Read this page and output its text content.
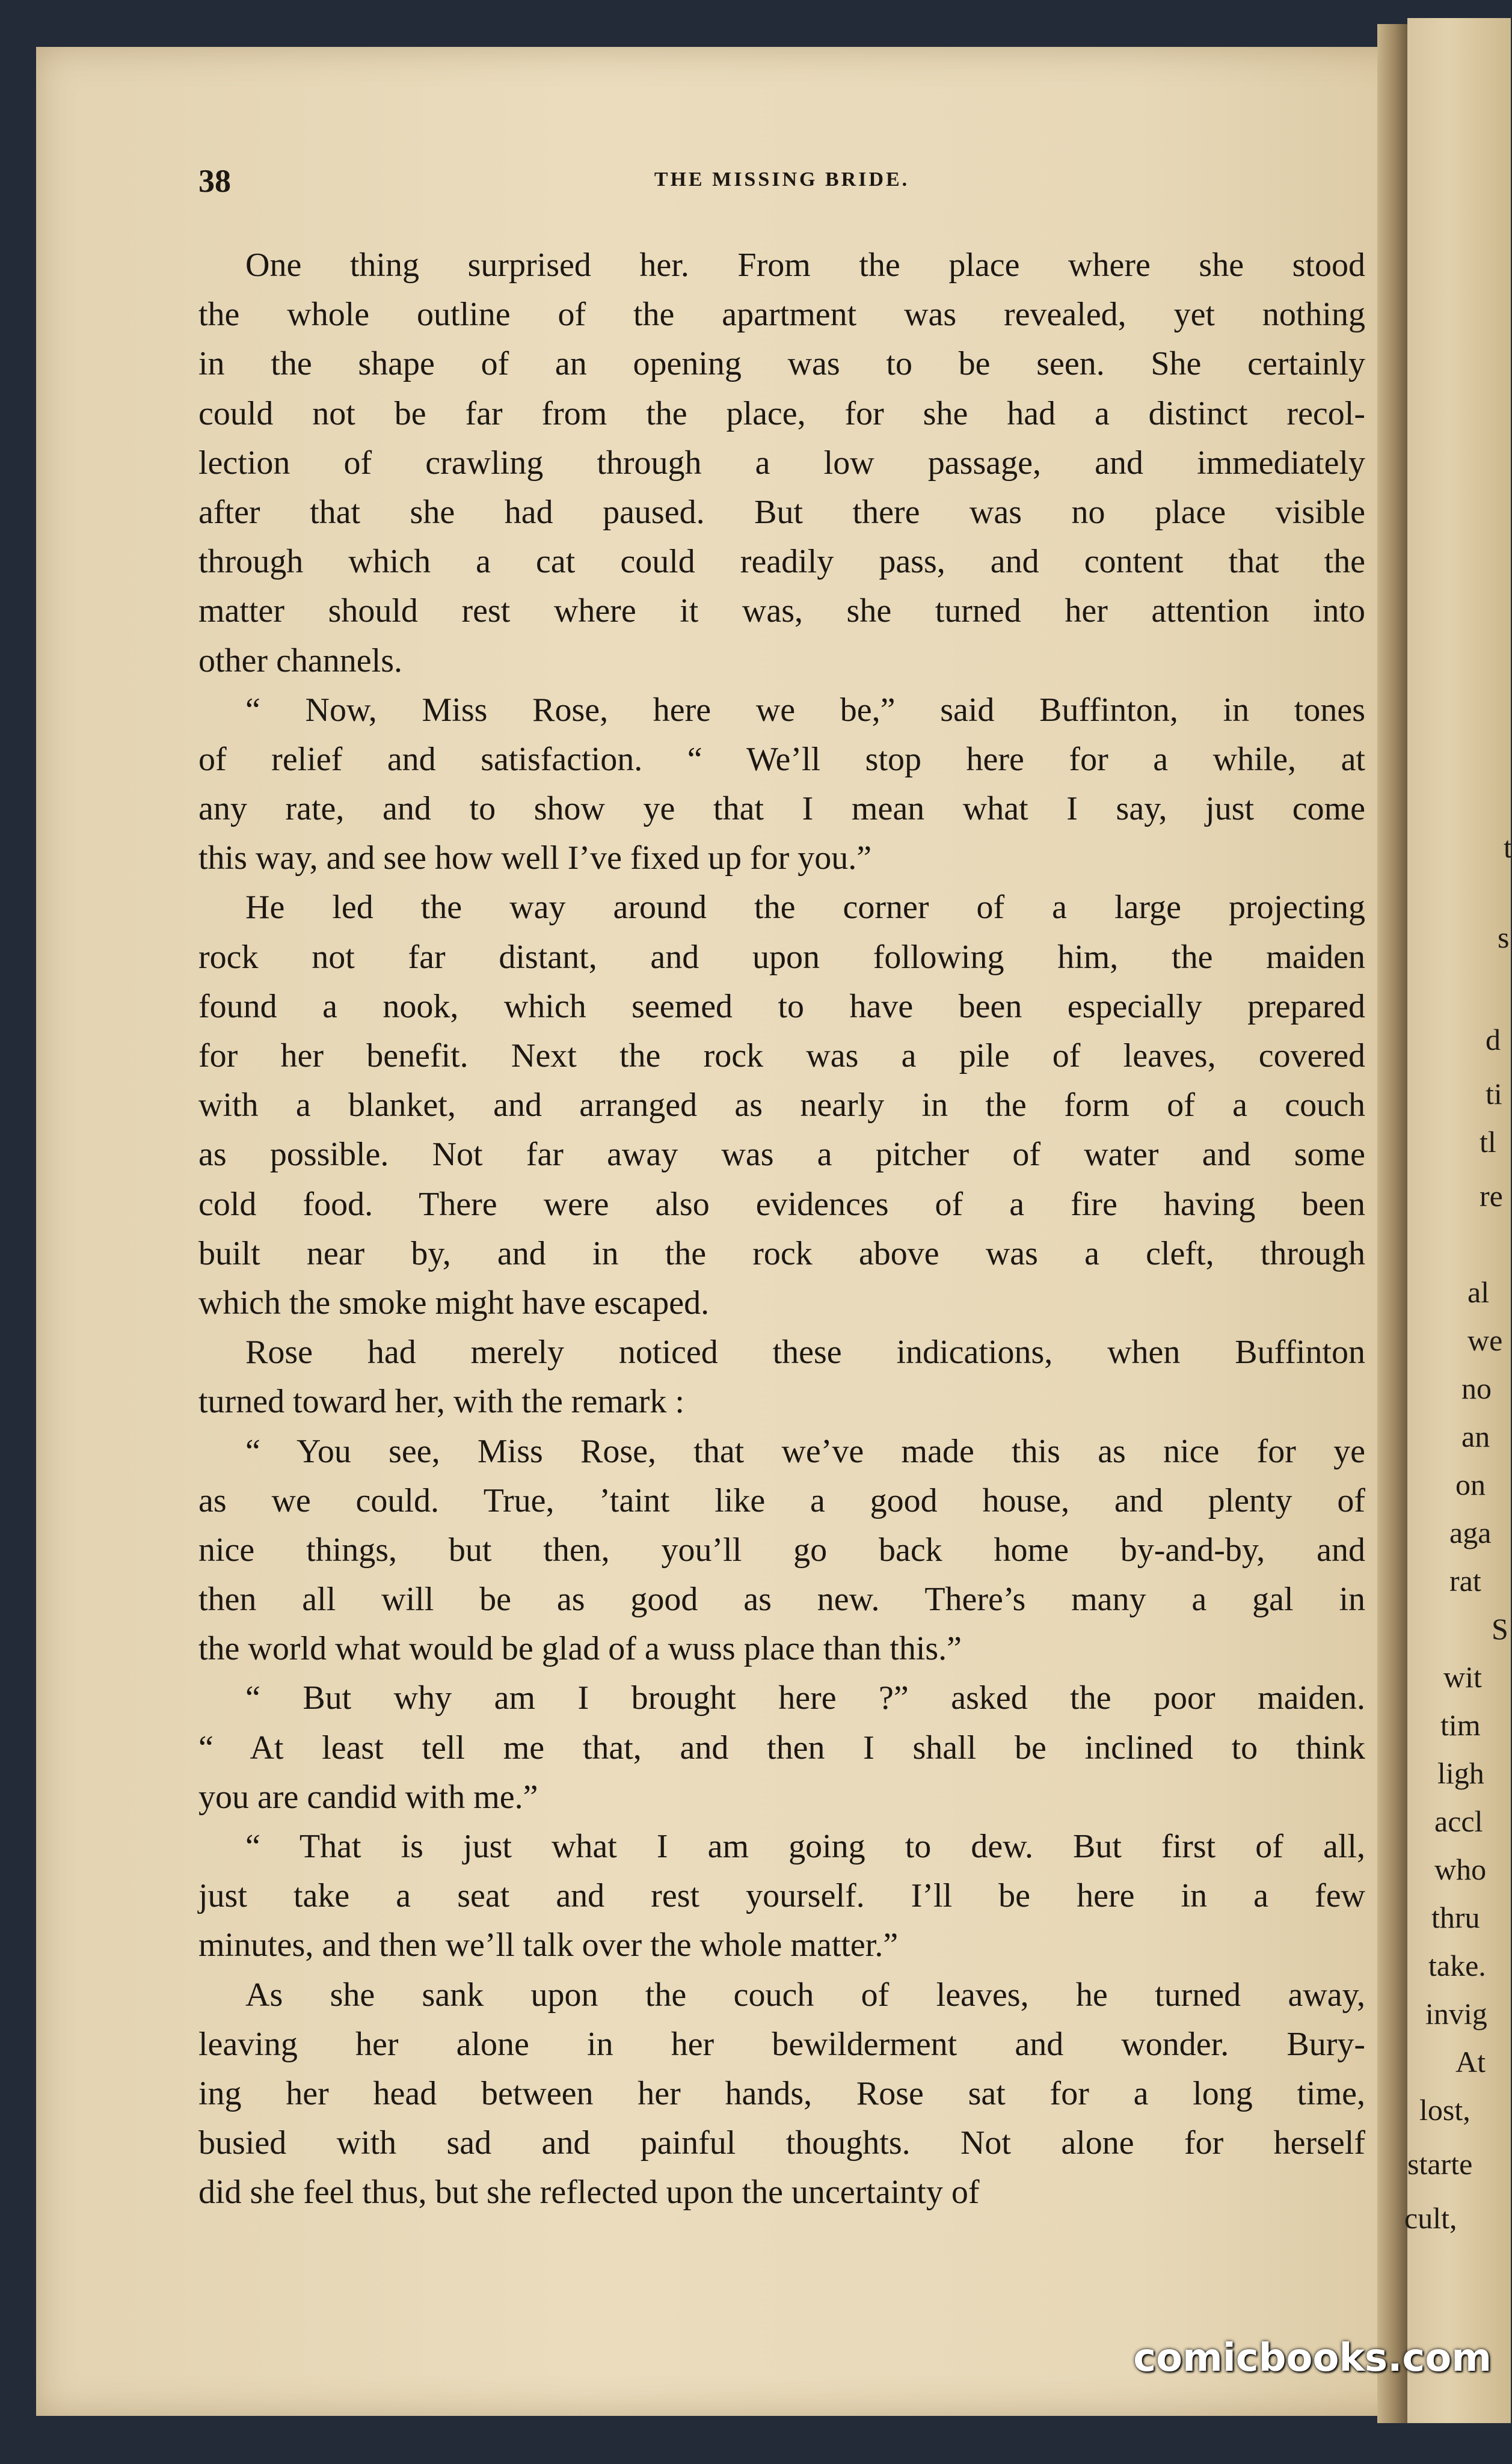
38	THE MISSING BRIDE.
One thing surprised her. From the place where she stood
the whole outline of the apartment was revealed, yet nothing
in the shape of an opening was to be seen. She certainly
could not be far from the place, for she had a distinct recol-
lection of crawling through a low passage, and immediately
after that she had paused. But there was no place visible
through which a cat could readily pass, and content that the
matter should rest where it was, she turned her attention into
other channels.
“ Now, Miss Rose, here we be,” said Buffinton, in tones
of relief and satisfaction. “ We’ll stop here for a while, at
any rate, and to show ye that I mean what I say, just come
this way, and see how well I’ve fixed up for you.”
He led the way around the corner of a large projecting
rock not far distant, and upon following him, the maiden
found a nook, which seemed to have been especially prepared
for her benefit. Next the rock was a pile of leaves, covered
with a blanket, and arranged as nearly in the form of a couch
as possible. Not far away was a pitcher of water and some
cold food. There were also evidences of a fire having been
built near by, and in the rock above was a cleft, through
which the smoke might have escaped.
Rose had merely noticed these indications, when Buffinton
turned toward her, with the remark :
“ You see, Miss Rose, that we’ve made this as nice for ye
as we could. True, ’taint like a good house, and plenty of
nice things, but then, you’ll go back home by-and-by, and
then all will be as good as new. There’s many a gal in
the world what would be glad of a wuss place than this.”
“ But why am I brought here ?” asked the poor maiden.
“ At least tell me that, and then I shall be inclined to think
you are candid with me.”
“ That is just what I am going to dew. But first of all,
just take a seat and rest yourself. I’ll be here in a few
minutes, and then we’ll talk over the whole matter.”
As she sank upon the couch of leaves, he turned away,
leaving her alone in her bewilderment and wonder. Bury-
ing her head between her hands, Rose sat for a long time,
busied with sad and painful thoughts. Not alone for herself
did she feel thus, but she reflected upon the uncertainty of
t
s
d
ti
tl
re
al
we
no
an
on
aga
rat
S
wit
tim
ligh
accl
who
thru
take.
invig
At
lost,
starte
cult,
comicbooks.com
